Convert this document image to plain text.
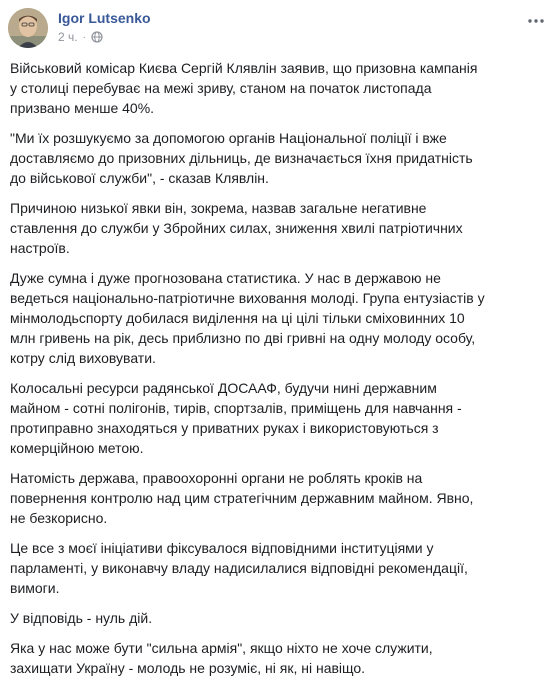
Igor Lutsenko
2 ч. ·

Військовий комісар Києва Сергій Клявлін заявив, що призовна кампанія
у столиці перебуває на межі зриву, станом на початок листопада
призвано менше 40%.

"Ми їх розшукуємо за допомогою органів Національної поліції і вже
доставляємо до призовних дільниць, де визначається їхня придатність
до військової служби", - сказав Клявлін.

Причиною низької явки він, зокрема, назвав загальне негативне
ставлення до служби у Збройних силах, зниження хвилі патріотичних
настроїв.

Дуже сумна і дуже прогнозована статистика. У нас в державою не
ведеться національно-патріотичне виховання молоді. Група ентузіастів у
мінмолодьспорту добилася виділення на ці цілі тільки сміховинних 10
млн гривень на рік, десь приблизно по дві гривні на одну молоду особу,
котру слід виховувати.

Колосальні ресурси радянської ДОСААФ, будучи нині державним
майном - сотні полігонів, тирів, спортзалів, приміщень для навчання -
протиправно знаходяться у приватних руках і використовуються з
комерційною метою.

Натомість держава, правоохоронні органи не роблять кроків на
повернення контролю над цим стратегічним державним майном. Явно,
не безкорисно.

Це все з моєї ініціативи фіксувалося відповідними інституціями у
парламенті, у виконавчу владу надисилалися відповідні рекомендації,
вимоги.

У відповідь - нуль дій.

Яка у нас може бути "сильна армія", якщо ніхто не хоче служити,
захищати Україну - молодь не розуміє, ні як, ні навіщо.
